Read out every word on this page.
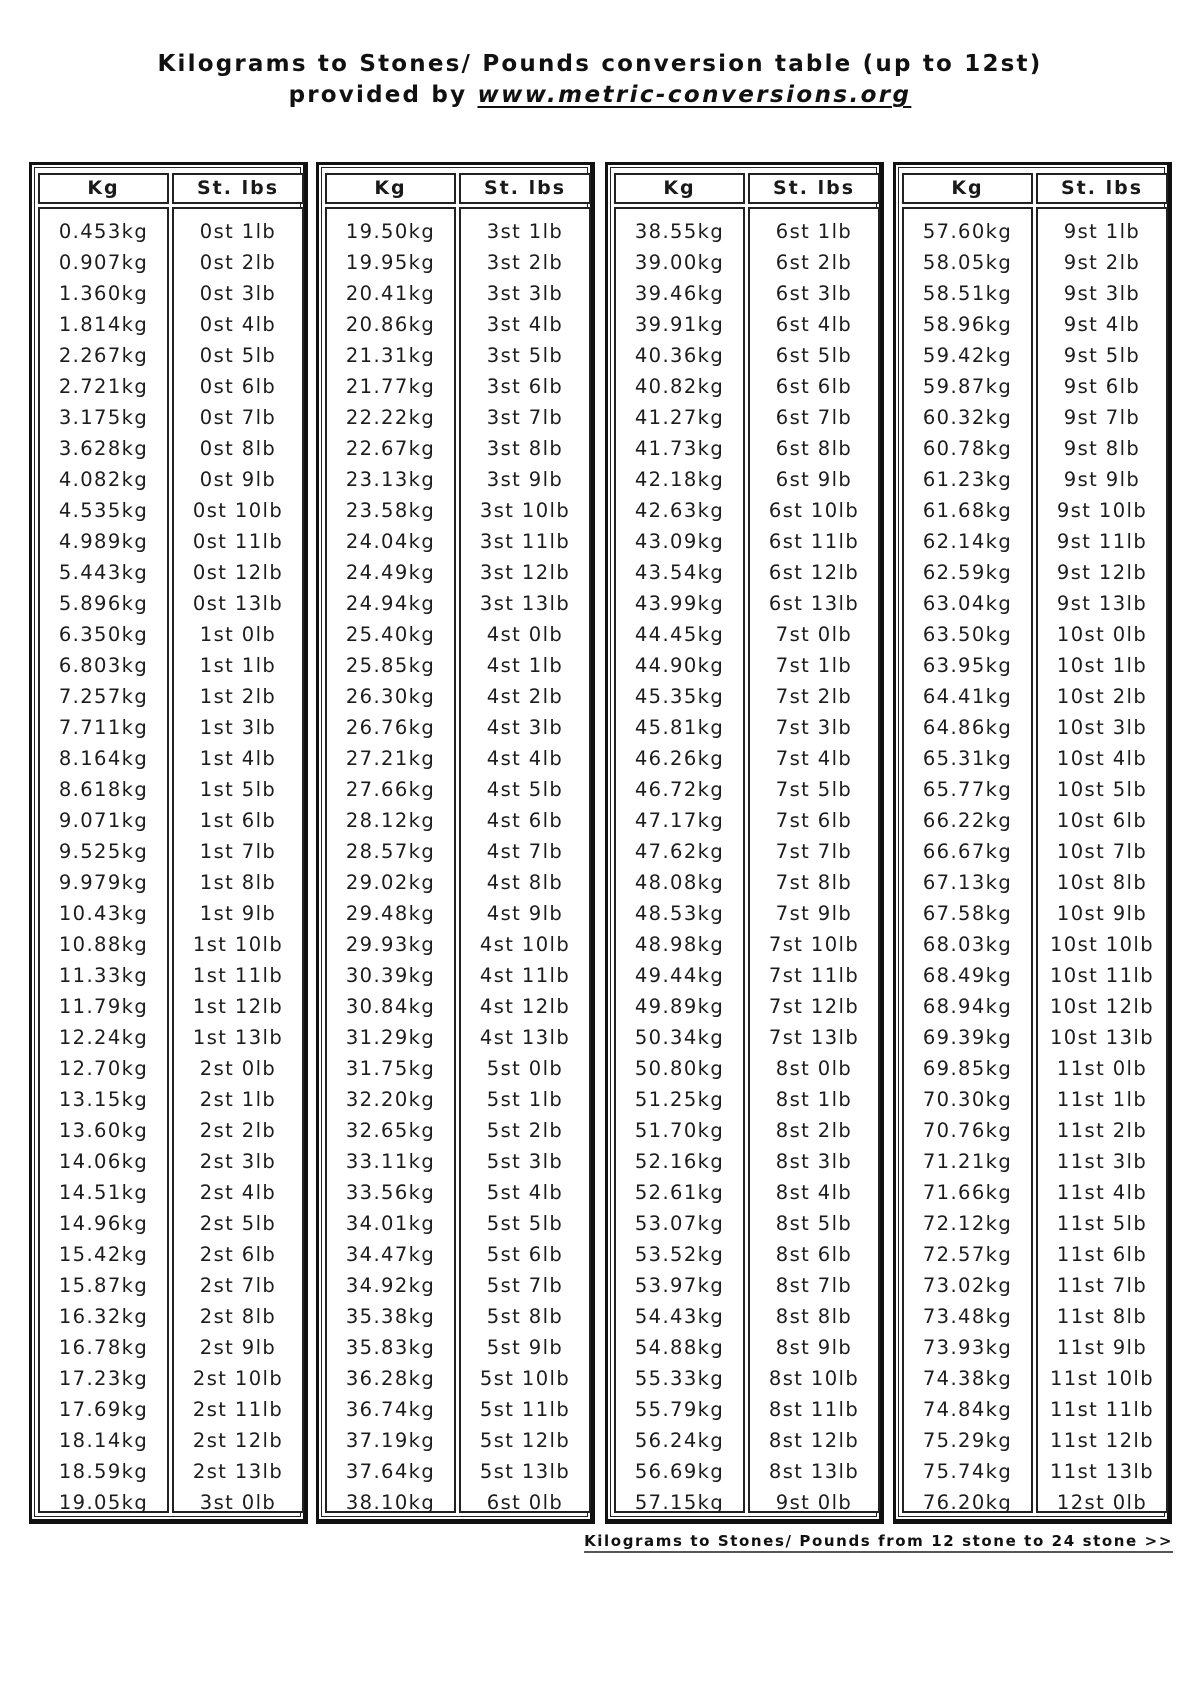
Kilograms to Stones/ Pounds conversion table (up to 12st)
provided by www.metric-conversions.org
Kg
0.453kg
0.907kg
1.360kg
1.814kg
2.267kg
2.721kg
3.175kg
3.628kg
4.082kg
4.535kg
4.989kg
5.443kg
5.896kg
6.350kg
6.803kg
7.257kg
7.711kg
8.164kg
8.618kg
9.071kg
9.525kg
9.979kg
10.43kg
10.88kg
11.33kg
11.79kg
12.24kg
12.70kg
13.15kg
13.60kg
14.06kg
14.51kg
14.96kg
15.42kg
15.87kg
16.32kg
16.78kg
17.23kg
17.69kg
18.14kg
18.59kg
19.05kg
St. lbs
0st 1lb
0st 2lb
0st 3lb
0st 4lb
0st 5lb
0st 6lb
0st 7lb
0st 8lb
0st 9lb
0st 10lb
0st 11lb
0st 12lb
0st 13lb
1st 0lb
1st 1lb
1st 2lb
1st 3lb
1st 4lb
1st 5lb
1st 6lb
1st 7lb
1st 8lb
1st 9lb
1st 10lb
1st 11lb
1st 12lb
1st 13lb
2st 0lb
2st 1lb
2st 2lb
2st 3lb
2st 4lb
2st 5lb
2st 6lb
2st 7lb
2st 8lb
2st 9lb
2st 10lb
2st 11lb
2st 12lb
2st 13lb
3st 0lb
Kg
19.50kg
19.95kg
20.41kg
20.86kg
21.31kg
21.77kg
22.22kg
22.67kg
23.13kg
23.58kg
24.04kg
24.49kg
24.94kg
25.40kg
25.85kg
26.30kg
26.76kg
27.21kg
27.66kg
28.12kg
28.57kg
29.02kg
29.48kg
29.93kg
30.39kg
30.84kg
31.29kg
31.75kg
32.20kg
32.65kg
33.11kg
33.56kg
34.01kg
34.47kg
34.92kg
35.38kg
35.83kg
36.28kg
36.74kg
37.19kg
37.64kg
38.10kg
St. lbs
3st 1lb
3st 2lb
3st 3lb
3st 4lb
3st 5lb
3st 6lb
3st 7lb
3st 8lb
3st 9lb
3st 10lb
3st 11lb
3st 12lb
3st 13lb
4st 0lb
4st 1lb
4st 2lb
4st 3lb
4st 4lb
4st 5lb
4st 6lb
4st 7lb
4st 8lb
4st 9lb
4st 10lb
4st 11lb
4st 12lb
4st 13lb
5st 0lb
5st 1lb
5st 2lb
5st 3lb
5st 4lb
5st 5lb
5st 6lb
5st 7lb
5st 8lb
5st 9lb
5st 10lb
5st 11lb
5st 12lb
5st 13lb
6st 0lb
Kg
38.55kg
39.00kg
39.46kg
39.91kg
40.36kg
40.82kg
41.27kg
41.73kg
42.18kg
42.63kg
43.09kg
43.54kg
43.99kg
44.45kg
44.90kg
45.35kg
45.81kg
46.26kg
46.72kg
47.17kg
47.62kg
48.08kg
48.53kg
48.98kg
49.44kg
49.89kg
50.34kg
50.80kg
51.25kg
51.70kg
52.16kg
52.61kg
53.07kg
53.52kg
53.97kg
54.43kg
54.88kg
55.33kg
55.79kg
56.24kg
56.69kg
57.15kg
St. lbs
6st 1lb
6st 2lb
6st 3lb
6st 4lb
6st 5lb
6st 6lb
6st 7lb
6st 8lb
6st 9lb
6st 10lb
6st 11lb
6st 12lb
6st 13lb
7st 0lb
7st 1lb
7st 2lb
7st 3lb
7st 4lb
7st 5lb
7st 6lb
7st 7lb
7st 8lb
7st 9lb
7st 10lb
7st 11lb
7st 12lb
7st 13lb
8st 0lb
8st 1lb
8st 2lb
8st 3lb
8st 4lb
8st 5lb
8st 6lb
8st 7lb
8st 8lb
8st 9lb
8st 10lb
8st 11lb
8st 12lb
8st 13lb
9st 0lb
Kg
57.60kg
58.05kg
58.51kg
58.96kg
59.42kg
59.87kg
60.32kg
60.78kg
61.23kg
61.68kg
62.14kg
62.59kg
63.04kg
63.50kg
63.95kg
64.41kg
64.86kg
65.31kg
65.77kg
66.22kg
66.67kg
67.13kg
67.58kg
68.03kg
68.49kg
68.94kg
69.39kg
69.85kg
70.30kg
70.76kg
71.21kg
71.66kg
72.12kg
72.57kg
73.02kg
73.48kg
73.93kg
74.38kg
74.84kg
75.29kg
75.74kg
76.20kg
St. lbs
9st 1lb
9st 2lb
9st 3lb
9st 4lb
9st 5lb
9st 6lb
9st 7lb
9st 8lb
9st 9lb
9st 10lb
9st 11lb
9st 12lb
9st 13lb
10st 0lb
10st 1lb
10st 2lb
10st 3lb
10st 4lb
10st 5lb
10st 6lb
10st 7lb
10st 8lb
10st 9lb
10st 10lb
10st 11lb
10st 12lb
10st 13lb
11st 0lb
11st 1lb
11st 2lb
11st 3lb
11st 4lb
11st 5lb
11st 6lb
11st 7lb
11st 8lb
11st 9lb
11st 10lb
11st 11lb
11st 12lb
11st 13lb
12st 0lb
Kilograms to Stones/ Pounds from 12 stone to 24 stone >>
